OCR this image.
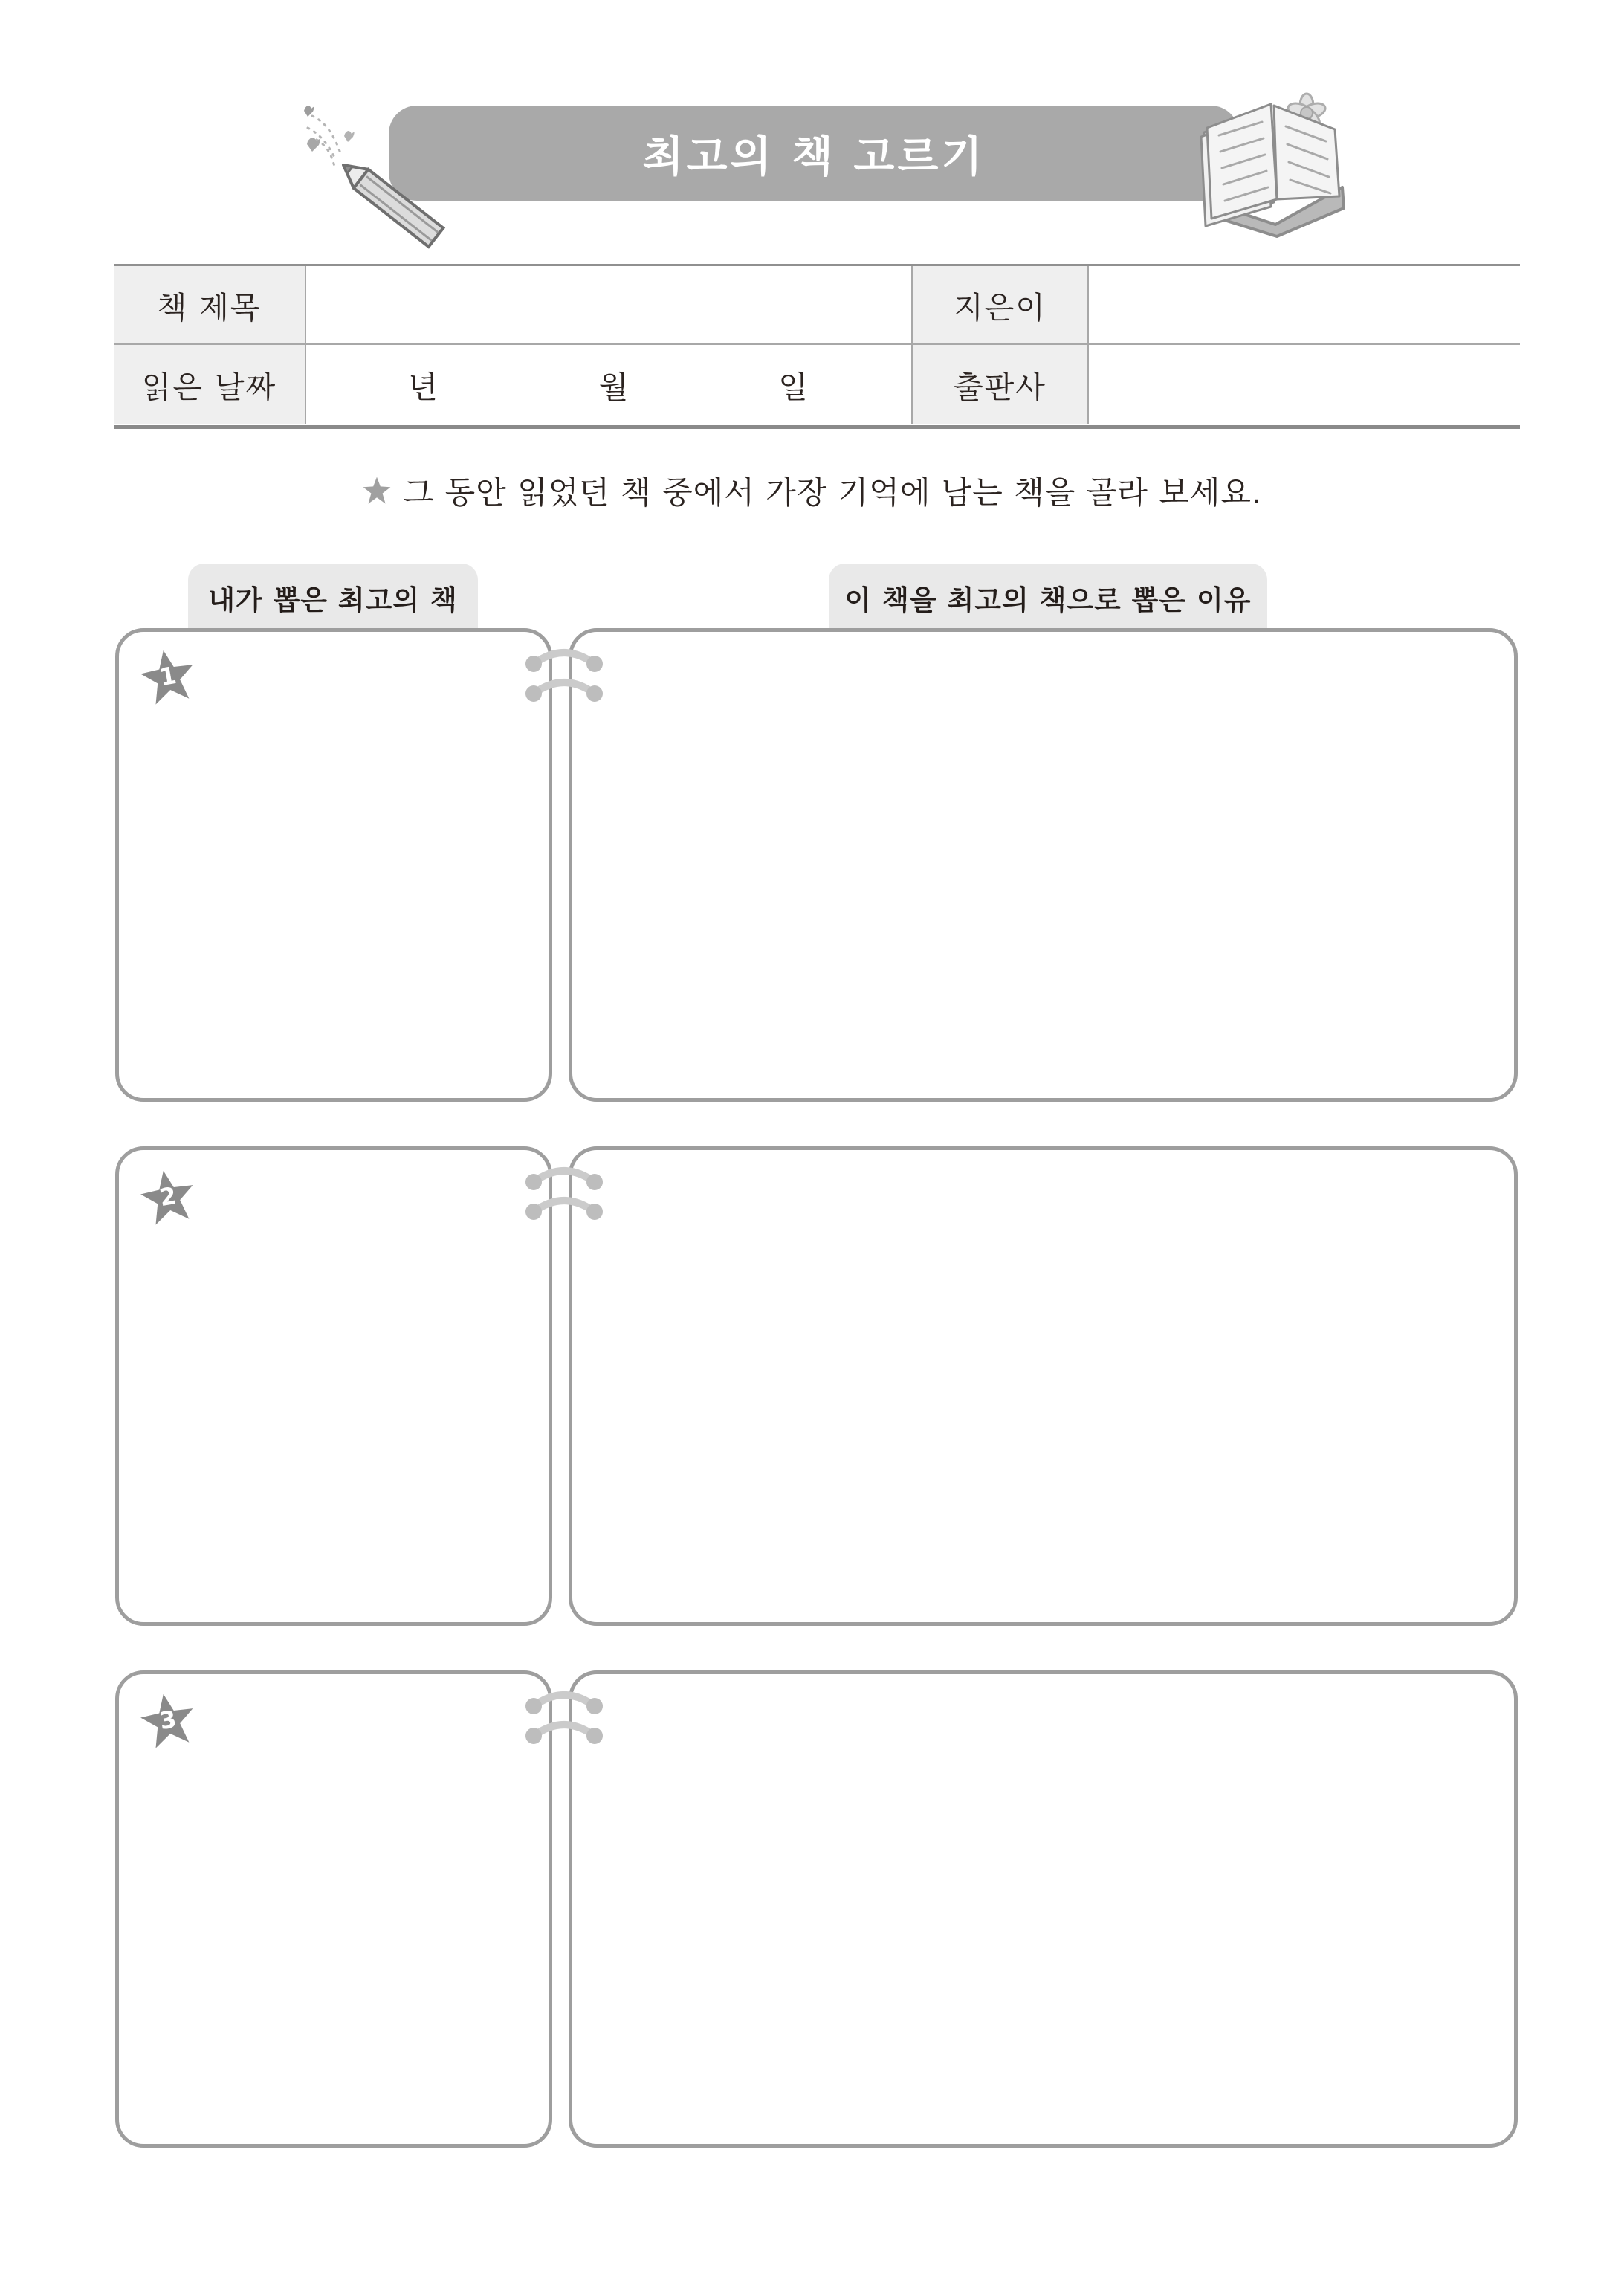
최고의 책 고르기
책 제목	지은이
읽은 날짜	년	월	일	출판사
그 동안 읽었던 책 중에서 가장 기억에 남는 책을 골라 보세요.
내가 뽑은 최고의 책	이 책을 최고의 책으로 뽑은 이유
1
2
3
